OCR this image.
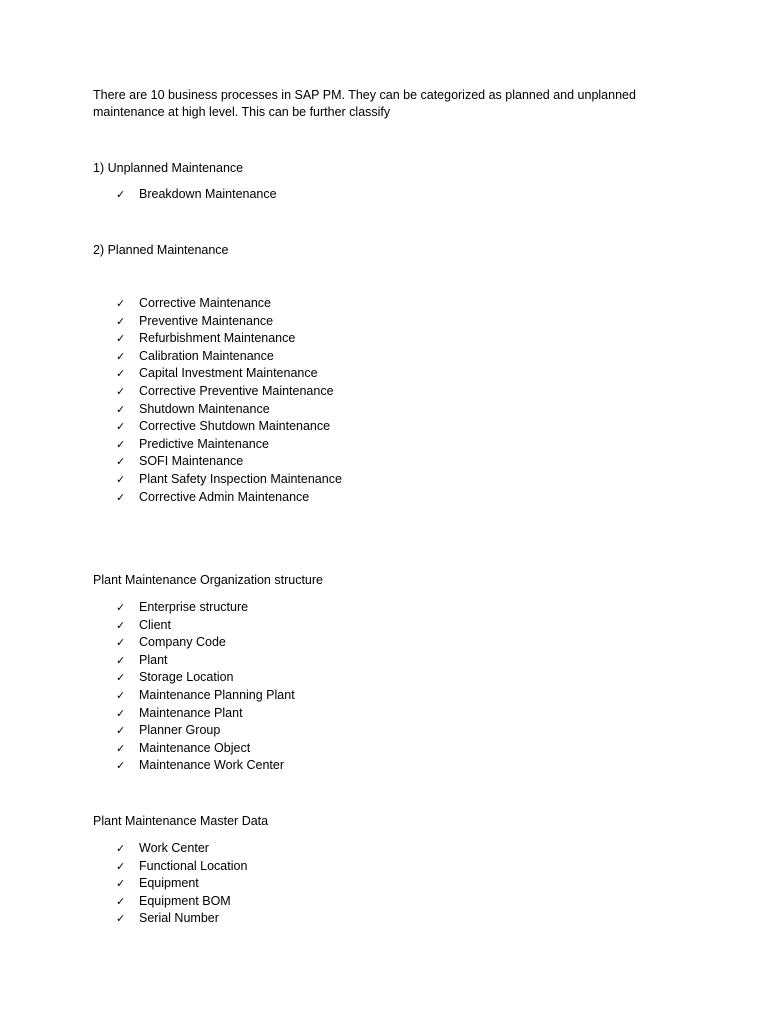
There are 10 business processes in SAP PM. They can be categorized as planned and unplanned maintenance at high level. This can be further classify
1) Unplanned Maintenance
✓ Breakdown Maintenance
2) Planned Maintenance
✓ Corrective Maintenance
✓ Preventive Maintenance
✓ Refurbishment Maintenance
✓ Calibration Maintenance
✓ Capital Investment Maintenance
✓ Corrective Preventive Maintenance
✓ Shutdown Maintenance
✓ Corrective Shutdown Maintenance
✓ Predictive Maintenance
✓ SOFI Maintenance
✓ Plant Safety Inspection Maintenance
✓ Corrective Admin Maintenance
Plant Maintenance Organization structure
✓ Enterprise structure
✓ Client
✓ Company Code
✓ Plant
✓ Storage Location
✓ Maintenance Planning Plant
✓ Maintenance Plant
✓ Planner Group
✓ Maintenance Object
✓ Maintenance Work Center
Plant Maintenance Master Data
✓ Work Center
✓ Functional Location
✓ Equipment
✓ Equipment BOM
✓ Serial Number
